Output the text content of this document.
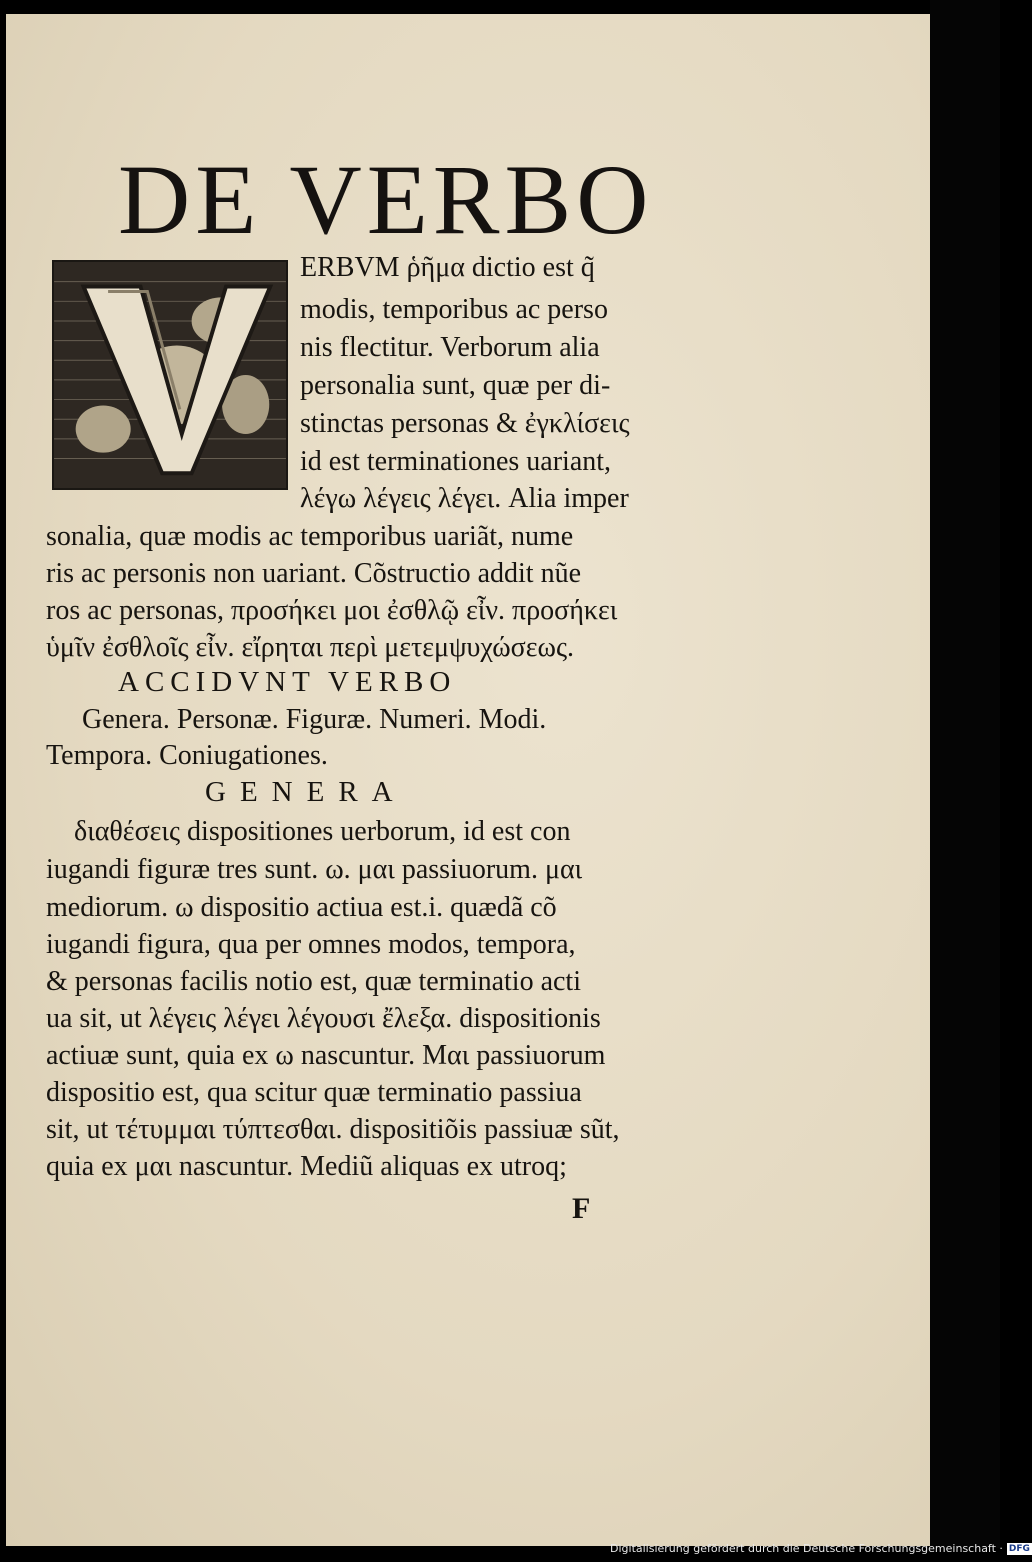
DE VERBO
ERBVM ῥῆμα dictio est q̃
modis, temporibus ac perso
nis flectitur. Verborum alia
personalia sunt, quæ per di-
stinctas personas & ἐγκλίσεις
id est terminationes uariant,
λέγω λέγεις λέγει. Alia imper
sonalia, quæ modis ac temporibus uariãt, nume
ris ac personis non uariant. Cõstructio addit nũe
ros ac personas, προσήκει μοι ἐσθλῷ εἶν. προσήκει
ὑμῖν ἐσθλοῖς εἶν. εἴρηται περὶ μετεμψυχώσεως.
ACCIDVNT VERBO
Genera. Personæ. Figuræ. Numeri. Modi.
Tempora. Coniugationes.
GENERA
διαθέσεις dispositiones uerborum, id est con
iugandi figuræ tres sunt. ω. μαι passiuorum. μαι
mediorum. ω dispositio actiua est.i. quædã cõ
iugandi figura, qua per omnes modos, tempora,
& personas facilis notio est, quæ terminatio acti
ua sit, ut λέγεις λέγει λέγουσι ἔλεξα. dispositionis
actiuæ sunt, quia ex ω nascuntur. Μαι passiuorum
dispositio est, qua scitur quæ terminatio passiua
sit, ut τέτυμμαι τύπτεσθαι. dispositiõis passiuæ sũt,
quia ex μαι nascuntur. Mediũ aliquas ex utroq;
F
Digitalisierung gefördert durch die Deutsche Forschungsgemeinschaft · DFG
